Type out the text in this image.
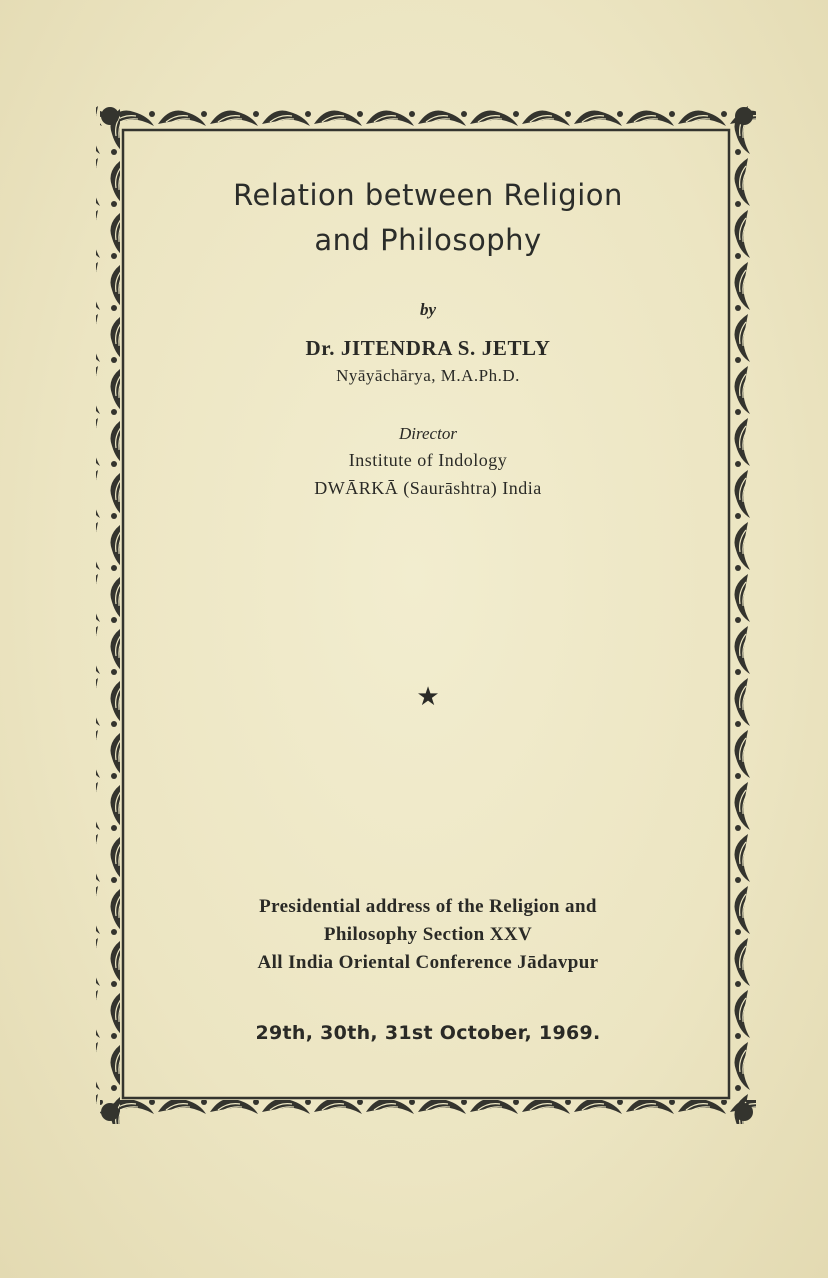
Relation between Religion
and Philosophy
by
Dr. JITENDRA S. JETLY
Nyāyāchārya, M.A.Ph.D.
Director
Institute of Indology
DWĀRKĀ (Saurāshtra) India
★
Presidential address of the Religion and
Philosophy Section XXV
All India Oriental Conference Jādavpur
29th, 30th, 31st October, 1969.
